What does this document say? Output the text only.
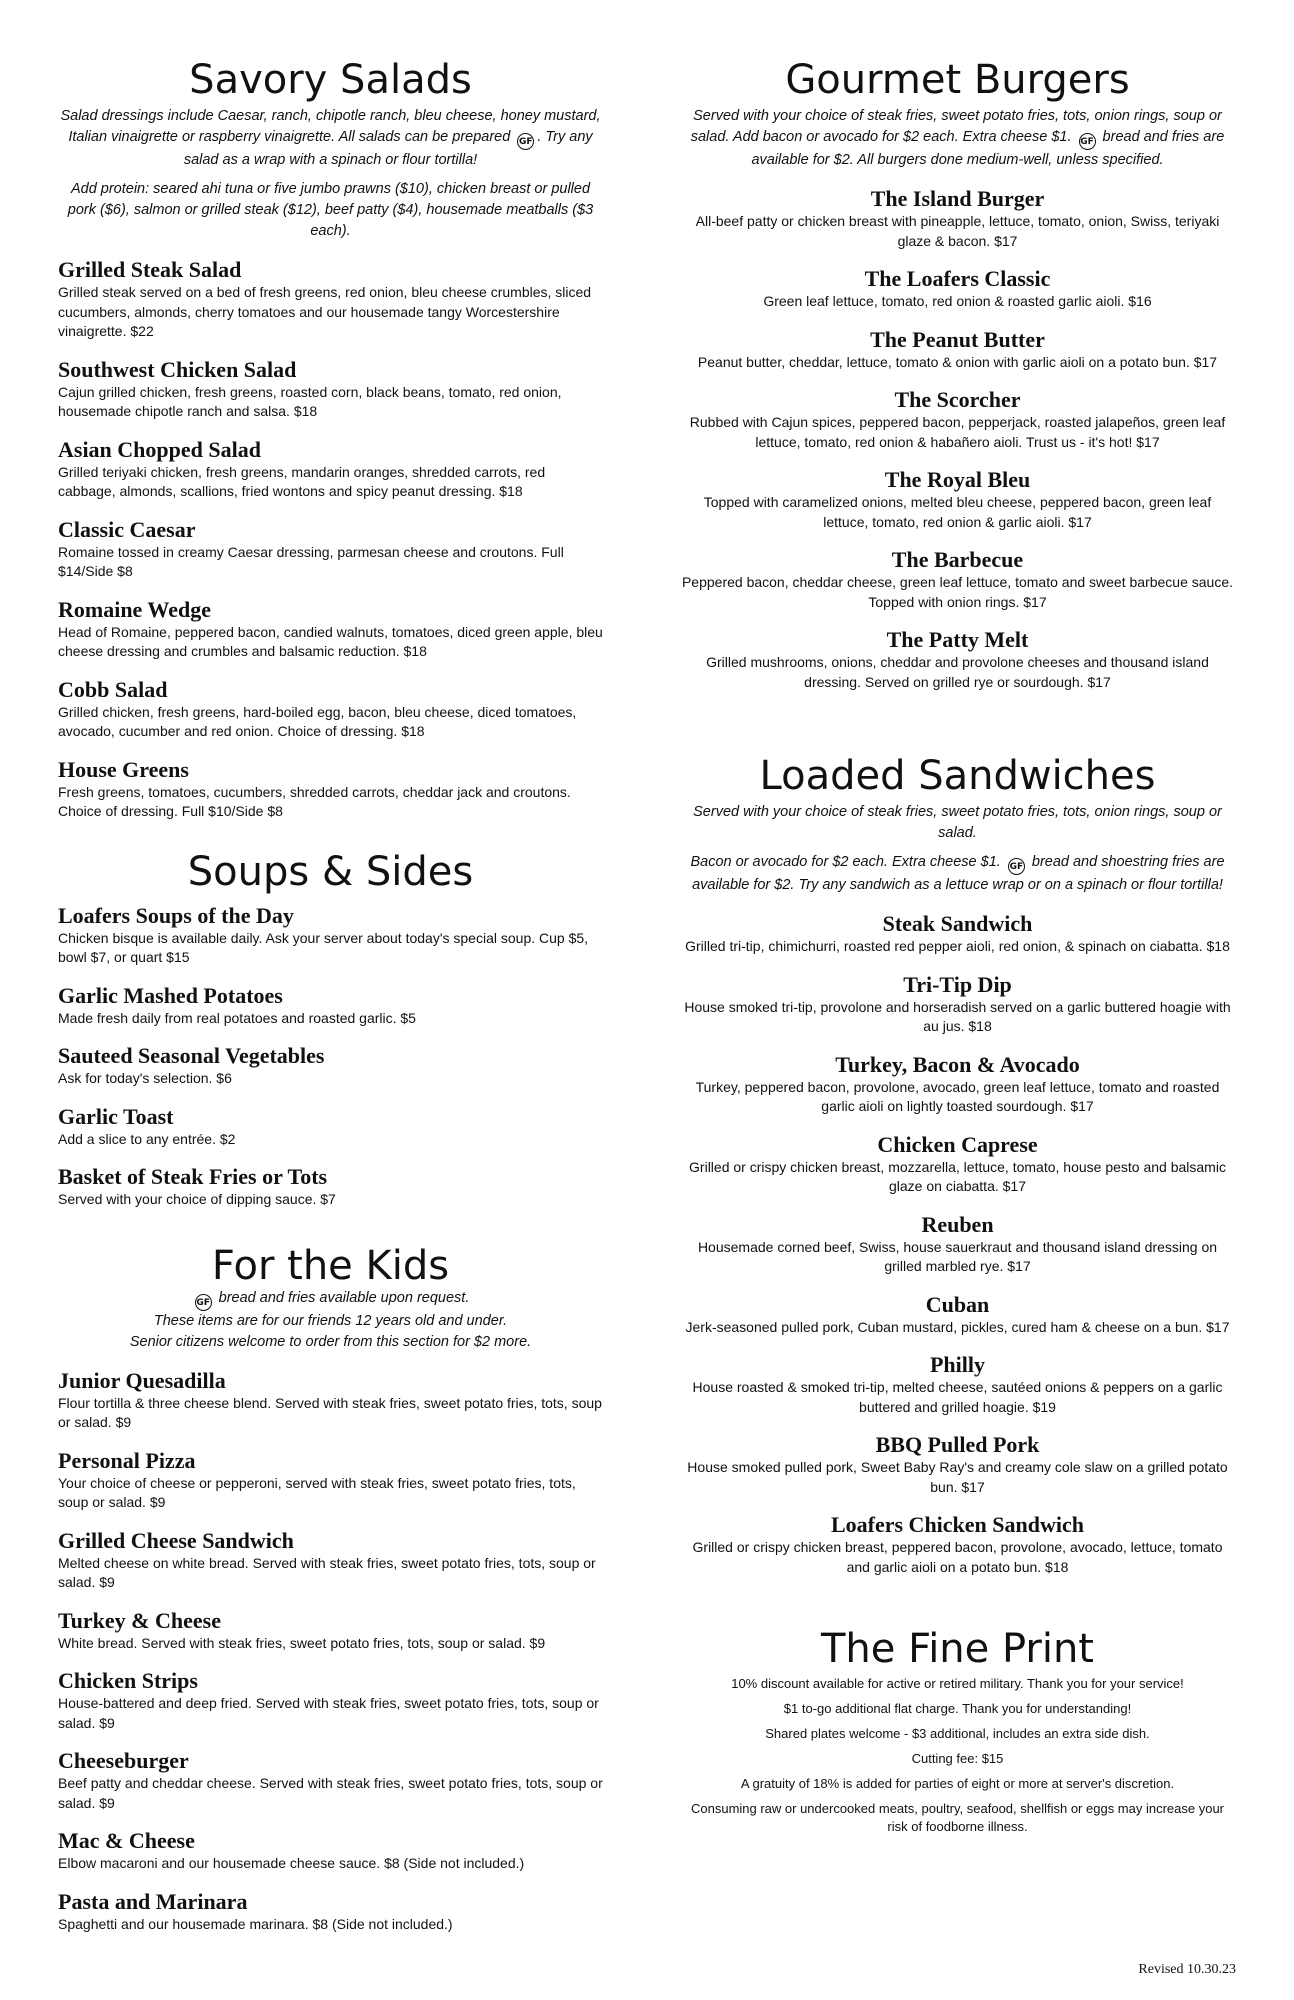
Savory Salads

Salad dressings include Caesar, ranch, chipotle ranch, bleu cheese, honey mustard, Italian vinaigrette or raspberry vinaigrette. All salads can be prepared GF . Try any salad as a wrap with a spinach or flour tortilla!

Add protein: seared ahi tuna or five jumbo prawns ($10), chicken breast or pulled pork ($6), salmon or grilled steak ($12), beef patty ($4), housemade meatballs ($3 each).

Grilled Steak Salad

Grilled steak served on a bed of fresh greens, red onion, bleu cheese crumbles, sliced cucumbers, almonds, cherry tomatoes and our housemade tangy Worcestershire vinaigrette. $22

Southwest Chicken Salad

Cajun grilled chicken, fresh greens, roasted corn, black beans, tomato, red onion, housemade chipotle ranch and salsa. $18

Asian Chopped Salad

Grilled teriyaki chicken, fresh greens, mandarin oranges, shredded carrots, red cabbage, almonds, scallions, fried wontons and spicy peanut dressing. $18

Classic Caesar

Romaine tossed in creamy Caesar dressing, parmesan cheese and croutons. Full $14/Side $8

Romaine Wedge

Head of Romaine, peppered bacon, candied walnuts, tomatoes, diced green apple, bleu cheese dressing and crumbles and balsamic reduction. $18

Cobb Salad

Grilled chicken, fresh greens, hard-boiled egg, bacon, bleu cheese, diced tomatoes, avocado, cucumber and red onion. Choice of dressing. $18

House Greens

Fresh greens, tomatoes, cucumbers, shredded carrots, cheddar jack and croutons. Choice of dressing. Full $10/Side $8

Soups & Sides
Loafers Soups of the Day

Chicken bisque is available daily. Ask your server about today's special soup. Cup $5, bowl $7, or quart $15

Garlic Mashed Potatoes

Made fresh daily from real potatoes and roasted garlic. $5

Sauteed Seasonal Vegetables

Ask for today's selection. $6

Garlic Toast

Add a slice to any entrée. $2

Basket of Steak Fries or Tots

Served with your choice of dipping sauce. $7

For the Kids

GF bread and fries available upon request.

These items are for our friends 12 years old and under.

Senior citizens welcome to order from this section for $2 more.

Junior Quesadilla

Flour tortilla & three cheese blend. Served with steak fries, sweet potato fries, tots, soup or salad. $9

Personal Pizza

Your choice of cheese or pepperoni, served with steak fries, sweet potato fries, tots, soup or salad. $9

Grilled Cheese Sandwich

Melted cheese on white bread. Served with steak fries, sweet potato fries, tots, soup or salad. $9

Turkey & Cheese

White bread. Served with steak fries, sweet potato fries, tots, soup or salad. $9

Chicken Strips

House-battered and deep fried. Served with steak fries, sweet potato fries, tots, soup or salad. $9

Cheeseburger

Beef patty and cheddar cheese. Served with steak fries, sweet potato fries, tots, soup or salad. $9

Mac & Cheese

Elbow macaroni and our housemade cheese sauce. $8 (Side not included.)

Pasta and Marinara

Spaghetti and our housemade marinara. $8 (Side not included.)

Gourmet Burgers

Served with your choice of steak fries, sweet potato fries, tots, onion rings, soup or salad. Add bacon or avocado for $2 each. Extra cheese $1. GF bread and fries are available for $2. All burgers done medium-well, unless specified.

The Island Burger

All-beef patty or chicken breast with pineapple, lettuce, tomato, onion, Swiss, teriyaki glaze & bacon. $17

The Loafers Classic

Green leaf lettuce, tomato, red onion & roasted garlic aioli. $16

The Peanut Butter

Peanut butter, cheddar, lettuce, tomato & onion with garlic aioli on a potato bun. $17

The Scorcher

Rubbed with Cajun spices, peppered bacon, pepperjack, roasted jalapeños, green leaf lettuce, tomato, red onion & habañero aioli. Trust us - it's hot! $17

The Royal Bleu

Topped with caramelized onions, melted bleu cheese, peppered bacon, green leaf lettuce, tomato, red onion & garlic aioli. $17

The Barbecue

Peppered bacon, cheddar cheese, green leaf lettuce, tomato and sweet barbecue sauce. Topped with onion rings. $17

The Patty Melt

Grilled mushrooms, onions, cheddar and provolone cheeses and thousand island dressing. Served on grilled rye or sourdough. $17

Loaded Sandwiches

Served with your choice of steak fries, sweet potato fries, tots, onion rings, soup or salad.

Bacon or avocado for $2 each. Extra cheese $1. GF bread and shoestring fries are available for $2. Try any sandwich as a lettuce wrap or on a spinach or flour tortilla!

Steak Sandwich

Grilled tri-tip, chimichurri, roasted red pepper aioli, red onion, & spinach on ciabatta. $18

Tri-Tip Dip

House smoked tri-tip, provolone and horseradish served on a garlic buttered hoagie with au jus. $18

Turkey, Bacon & Avocado

Turkey, peppered bacon, provolone, avocado, green leaf lettuce, tomato and roasted garlic aioli on lightly toasted sourdough. $17

Chicken Caprese

Grilled or crispy chicken breast, mozzarella, lettuce, tomato, house pesto and balsamic glaze on ciabatta. $17

Reuben

Housemade corned beef, Swiss, house sauerkraut and thousand island dressing on grilled marbled rye. $17

Cuban

Jerk-seasoned pulled pork, Cuban mustard, pickles, cured ham & cheese on a bun. $17

Philly

House roasted & smoked tri-tip, melted cheese, sautéed onions & peppers on a garlic buttered and grilled hoagie. $19

BBQ Pulled Pork

House smoked pulled pork, Sweet Baby Ray's and creamy cole slaw on a grilled potato bun. $17

Loafers Chicken Sandwich

Grilled or crispy chicken breast, peppered bacon, provolone, avocado, lettuce, tomato and garlic aioli on a potato bun. $18

The Fine Print

10% discount available for active or retired military. Thank you for your service!

$1 to-go additional flat charge. Thank you for understanding!

Shared plates welcome - $3 additional, includes an extra side dish.

Cutting fee: $15

A gratuity of 18% is added for parties of eight or more at server's discretion.

Consuming raw or undercooked meats, poultry, seafood, shellfish or eggs may increase your risk of foodborne illness.

Revised 10.30.23
